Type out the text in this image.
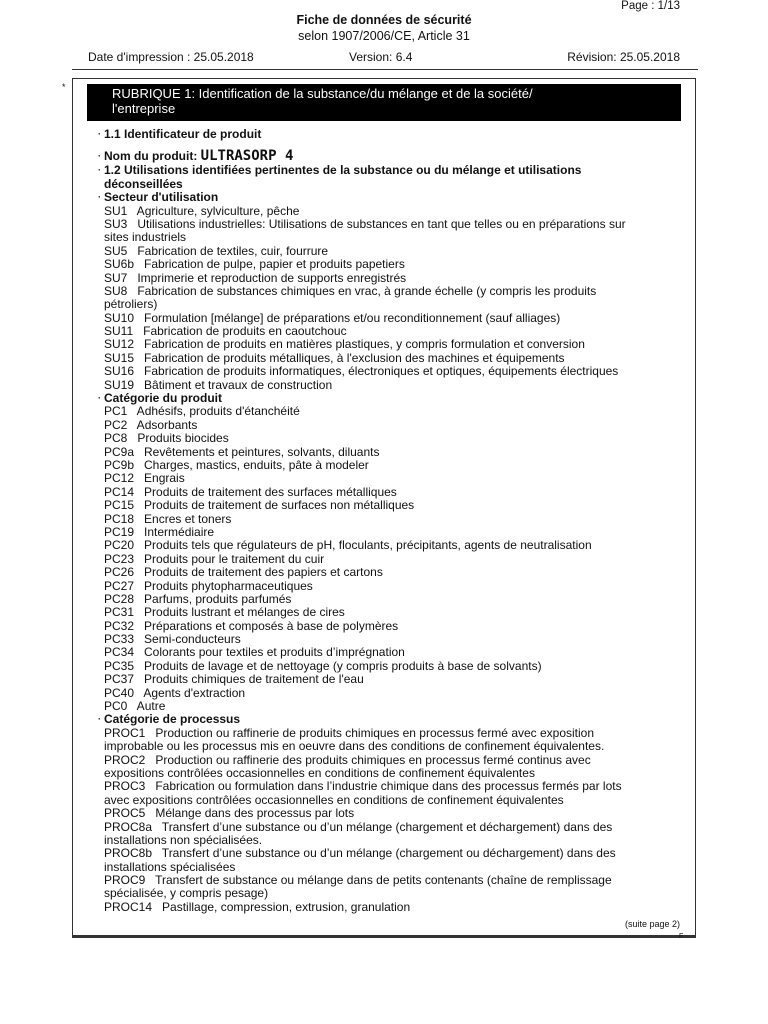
Page : 1/13
Fiche de données de sécurité
selon 1907/2006/CE, Article 31
Date d'impression : 25.05.2018	Version: 6.4	Révision: 25.05.2018
*	RUBRIQUE 1: Identification de la substance/du mélange et de la société/
l'entreprise
· 1.1 Identificateur de produit
· Nom du produit: ULTRASORP 4
· 1.2 Utilisations identifiées pertinentes de la substance ou du mélange et utilisations
déconseillées
· Secteur d'utilisation
SU1   Agriculture, sylviculture, pêche
SU3   Utilisations industrielles: Utilisations de substances en tant que telles ou en préparations sur
sites industriels
SU5   Fabrication de textiles, cuir, fourrure
SU6b   Fabrication de pulpe, papier et produits papetiers
SU7   Imprimerie et reproduction de supports enregistrés
SU8   Fabrication de substances chimiques en vrac, à grande échelle (y compris les produits
pétroliers)
SU10   Formulation [mélange] de préparations et/ou reconditionnement (sauf alliages)
SU11   Fabrication de produits en caoutchouc
SU12   Fabrication de produits en matières plastiques, y compris formulation et conversion
SU15   Fabrication de produits métalliques, à l'exclusion des machines et équipements
SU16   Fabrication de produits informatiques, électroniques et optiques, équipements électriques
SU19   Bâtiment et travaux de construction
· Catégorie du produit
PC1   Adhésifs, produits d'étanchéité
PC2   Adsorbants
PC8   Produits biocides
PC9a   Revêtements et peintures, solvants, diluants
PC9b   Charges, mastics, enduits, pâte à modeler
PC12   Engrais
PC14   Produits de traitement des surfaces métalliques
PC15   Produits de traitement de surfaces non métalliques
PC18   Encres et toners
PC19   Intermédiaire
PC20   Produits tels que régulateurs de pH, floculants, précipitants, agents de neutralisation
PC23   Produits pour le traitement du cuir
PC26   Produits de traitement des papiers et cartons
PC27   Produits phytopharmaceutiques
PC28   Parfums, produits parfumés
PC31   Produits lustrant et mélanges de cires
PC32   Préparations et composés à base de polymères
PC33   Semi-conducteurs
PC34   Colorants pour textiles et produits d’imprégnation
PC35   Produits de lavage et de nettoyage (y compris produits à base de solvants)
PC37   Produits chimiques de traitement de l'eau
PC40   Agents d'extraction
PC0   Autre
· Catégorie de processus
PROC1   Production ou raffinerie de produits chimiques en processus fermé avec exposition
improbable ou les processus mis en oeuvre dans des conditions de confinement équivalentes.
PROC2   Production ou raffinerie des produits chimiques en processus fermé continus avec
expositions contrôlées occasionnelles en conditions de confinement équivalentes
PROC3   Fabrication ou formulation dans l’industrie chimique dans des processus fermés par lots
avec expositions contrôlées occasionnelles en conditions de confinement équivalentes
PROC5   Mélange dans des processus par lots
PROC8a   Transfert d’une substance ou d’un mélange (chargement et déchargement) dans des
installations non spécialisées.
PROC8b   Transfert d’une substance ou d’un mélange (chargement ou déchargement) dans des
installations spécialisées
PROC9   Transfert de substance ou mélange dans de petits contenants (chaîne de remplissage
spécialisée, y compris pesage)
PROC14   Pastillage, compression, extrusion, granulation
(suite page 2)
F
